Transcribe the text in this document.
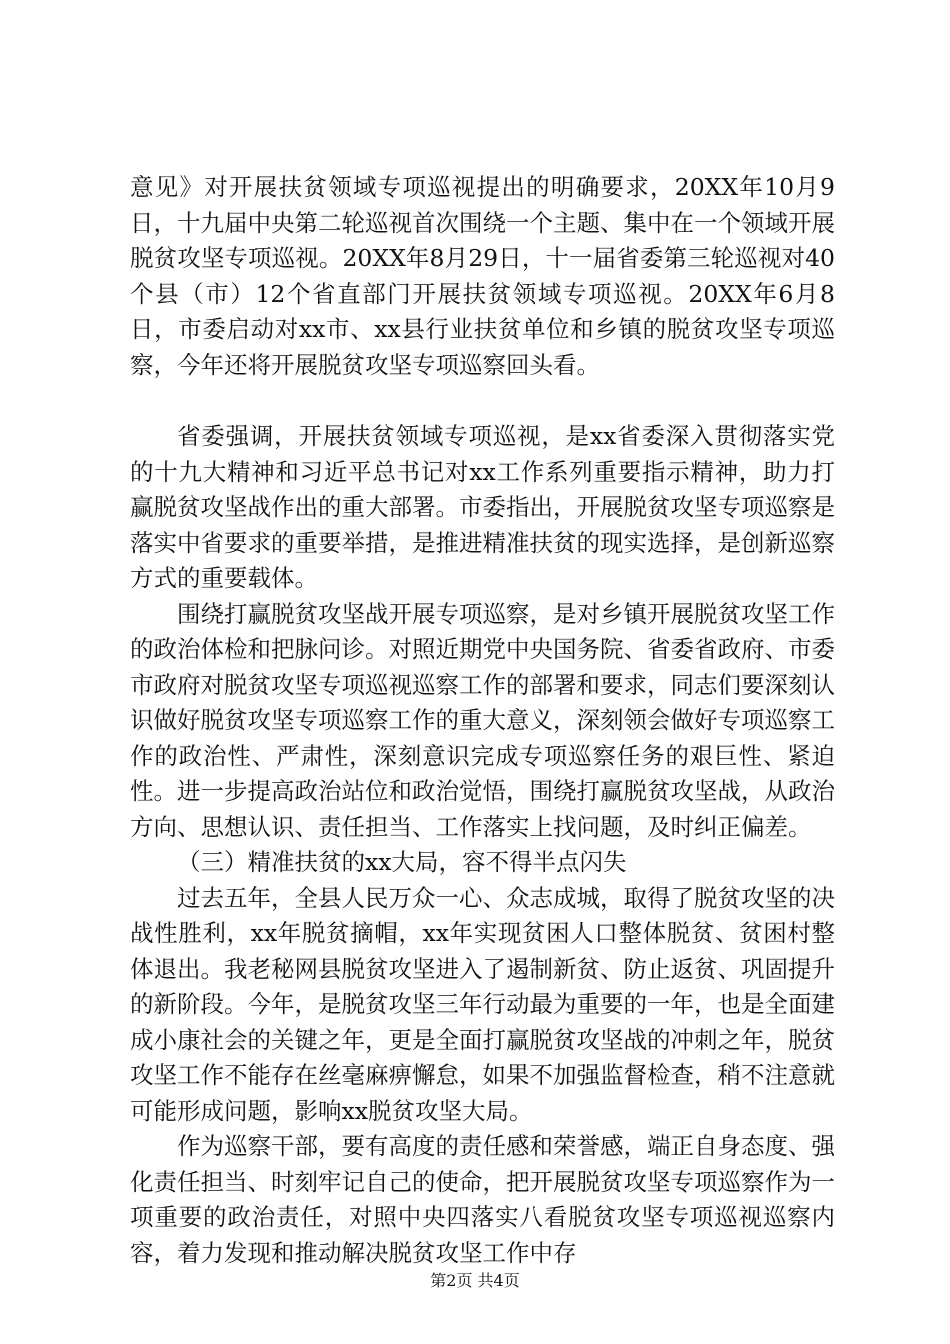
意见》对开展扶贫领域专项巡视提出的明确要求，20XX年10月9日，十九届中央第二轮巡视首次围绕一个主题、集中在一个领域开展脱贫攻坚专项巡视。20XX年8月29日，十一届省委第三轮巡视对40个县（市）12个省直部门开展扶贫领域专项巡视。20XX年6月8日，市委启动对xx市、xx县行业扶贫单位和乡镇的脱贫攻坚专项巡察，今年还将开展脱贫攻坚专项巡察回头看。

省委强调，开展扶贫领域专项巡视，是xx省委深入贯彻落实党的十九大精神和习近平总书记对xx工作系列重要指示精神，助力打赢脱贫攻坚战作出的重大部署。市委指出，开展脱贫攻坚专项巡察是落实中省要求的重要举措，是推进精准扶贫的现实选择，是创新巡察方式的重要载体。

围绕打赢脱贫攻坚战开展专项巡察，是对乡镇开展脱贫攻坚工作的政治体检和把脉问诊。对照近期党中央国务院、省委省政府、市委市政府对脱贫攻坚专项巡视巡察工作的部署和要求，同志们要深刻认识做好脱贫攻坚专项巡察工作的重大意义，深刻领会做好专项巡察工作的政治性、严肃性，深刻意识完成专项巡察任务的艰巨性、紧迫性。进一步提高政治站位和政治觉悟，围绕打赢脱贫攻坚战，从政治方向、思想认识、责任担当、工作落实上找问题，及时纠正偏差。

（三）精准扶贫的xx大局，容不得半点闪失

过去五年，全县人民万众一心、众志成城，取得了脱贫攻坚的决战性胜利，xx年脱贫摘帽，xx年实现贫困人口整体脱贫、贫困村整体退出。我老秘网县脱贫攻坚进入了遏制新贫、防止返贫、巩固提升的新阶段。今年，是脱贫攻坚三年行动最为重要的一年，也是全面建成小康社会的关键之年，更是全面打赢脱贫攻坚战的冲刺之年，脱贫攻坚工作不能存在丝毫麻痹懈怠，如果不加强监督检查，稍不注意就可能形成问题，影响xx脱贫攻坚大局。

作为巡察干部，要有高度的责任感和荣誉感，端正自身态度、强化责任担当、时刻牢记自己的使命，把开展脱贫攻坚专项巡察作为一项重要的政治责任，对照中央四落实八看脱贫攻坚专项巡视巡察内容，着力发现和推动解决脱贫攻坚工作中存

第2页 共4页
